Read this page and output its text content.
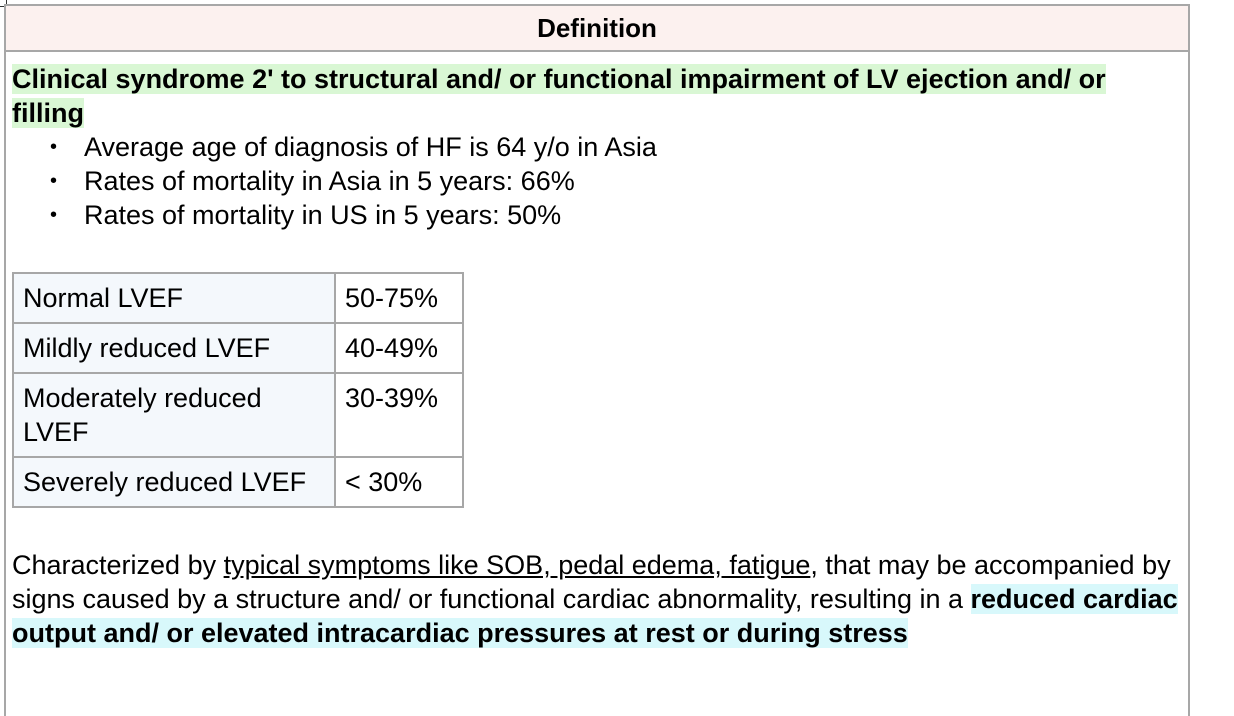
Definition
Clinical syndrome 2' to structural and/ or functional impairment of LV ejection and/ or filling
• Average age of diagnosis of HF is 64 y/o in Asia
• Rates of mortality in Asia in 5 years: 66%
• Rates of mortality in US in 5 years: 50%
Normal LVEF	50-75%
Mildly reduced LVEF	40-49%
Moderately reduced LVEF	30-39%
Severely reduced LVEF	< 30%
Characterized by typical symptoms like SOB, pedal edema, fatigue, that may be accompanied by signs caused by a structure and/ or functional cardiac abnormality, resulting in a reduced cardiac output and/ or elevated intracardiac pressures at rest or during stress
